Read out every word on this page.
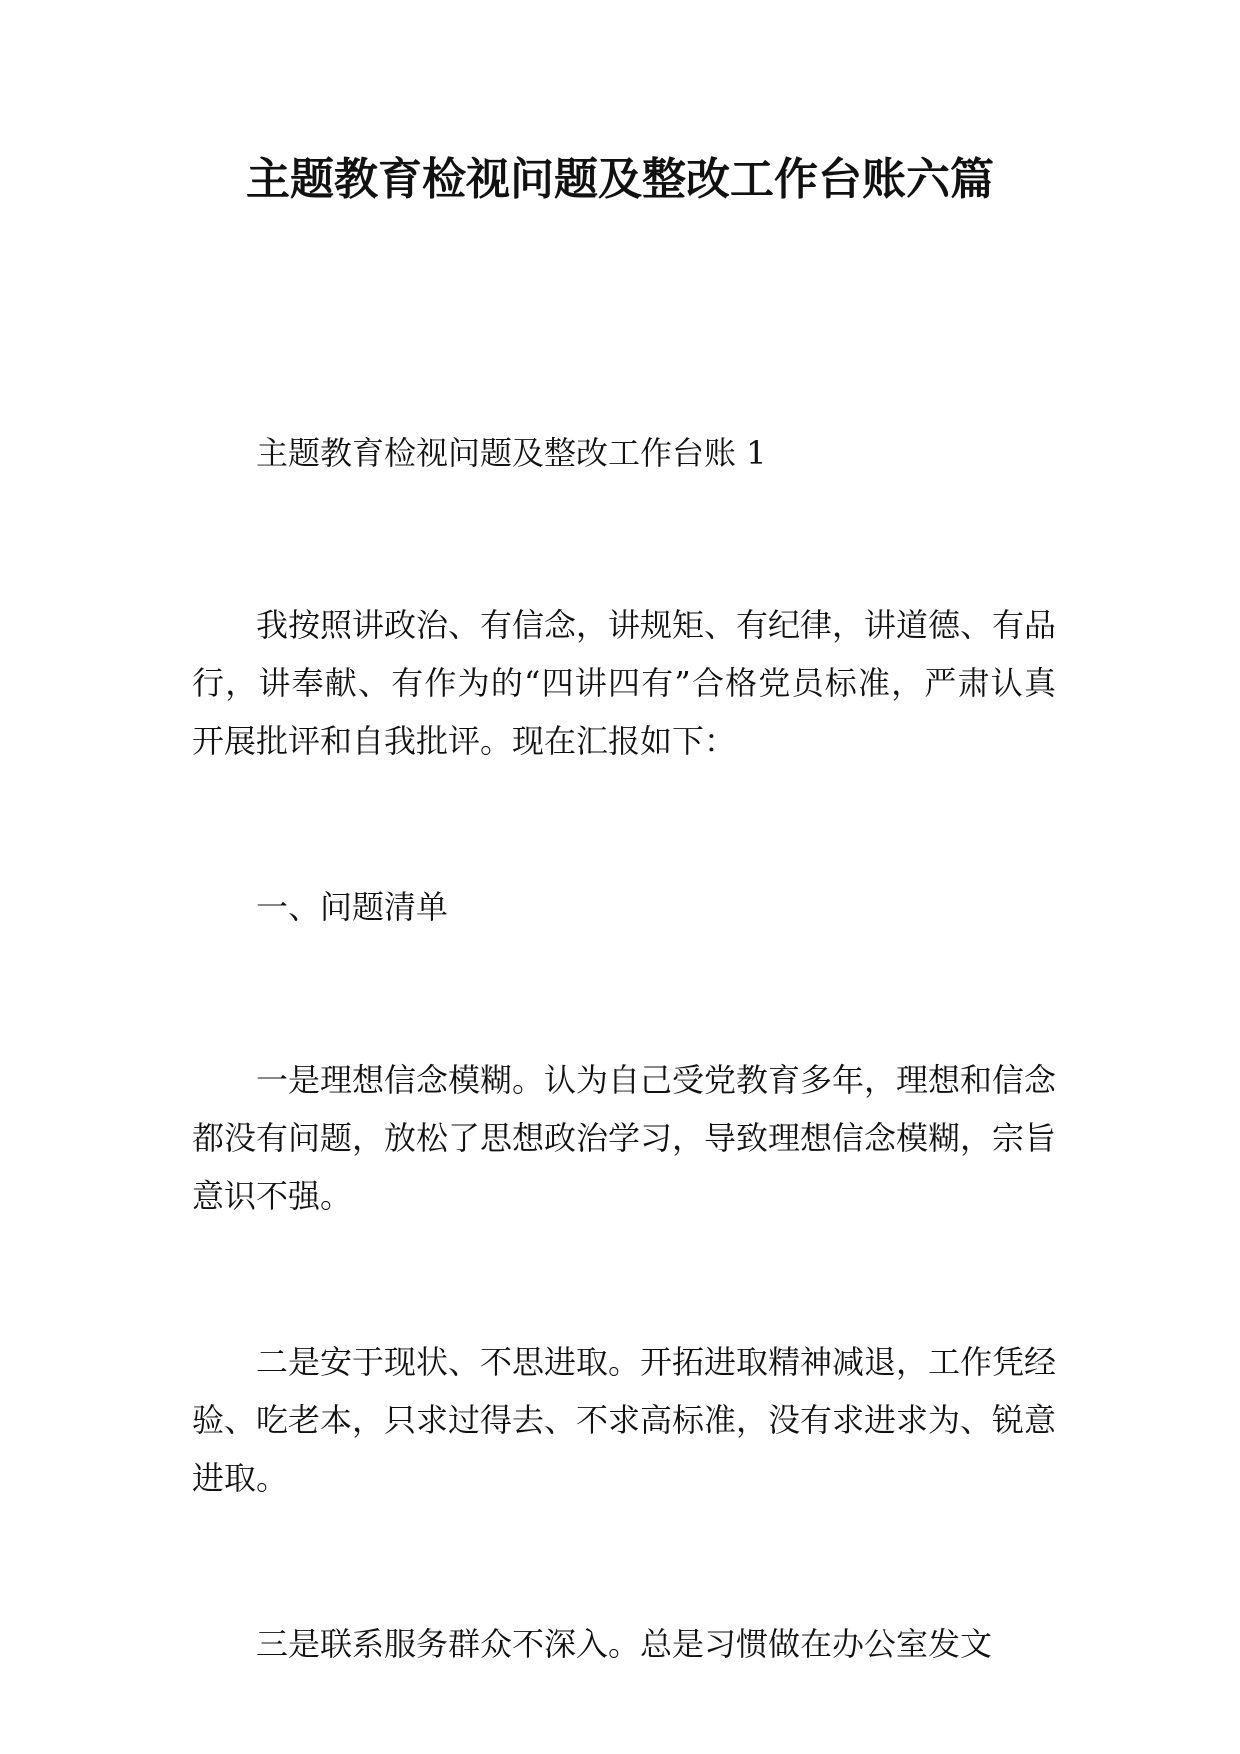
主题教育检视问题及整改工作台账六篇

主题教育检视问题及整改工作台账 1

我按照讲政治、有信念，讲规矩、有纪律，讲道德、有品行，讲奉献、有作为的“四讲四有”合格党员标准，严肃认真开展批评和自我批评。现在汇报如下：

一、问题清单

一是理想信念模糊。认为自己受党教育多年，理想和信念都没有问题，放松了思想政治学习，导致理想信念模糊，宗旨意识不强。

二是安于现状、不思进取。开拓进取精神减退，工作凭经验、吃老本，只求过得去、不求高标准，没有求进求为、锐意进取。

三是联系服务群众不深入。总是习惯做在办公室发文
